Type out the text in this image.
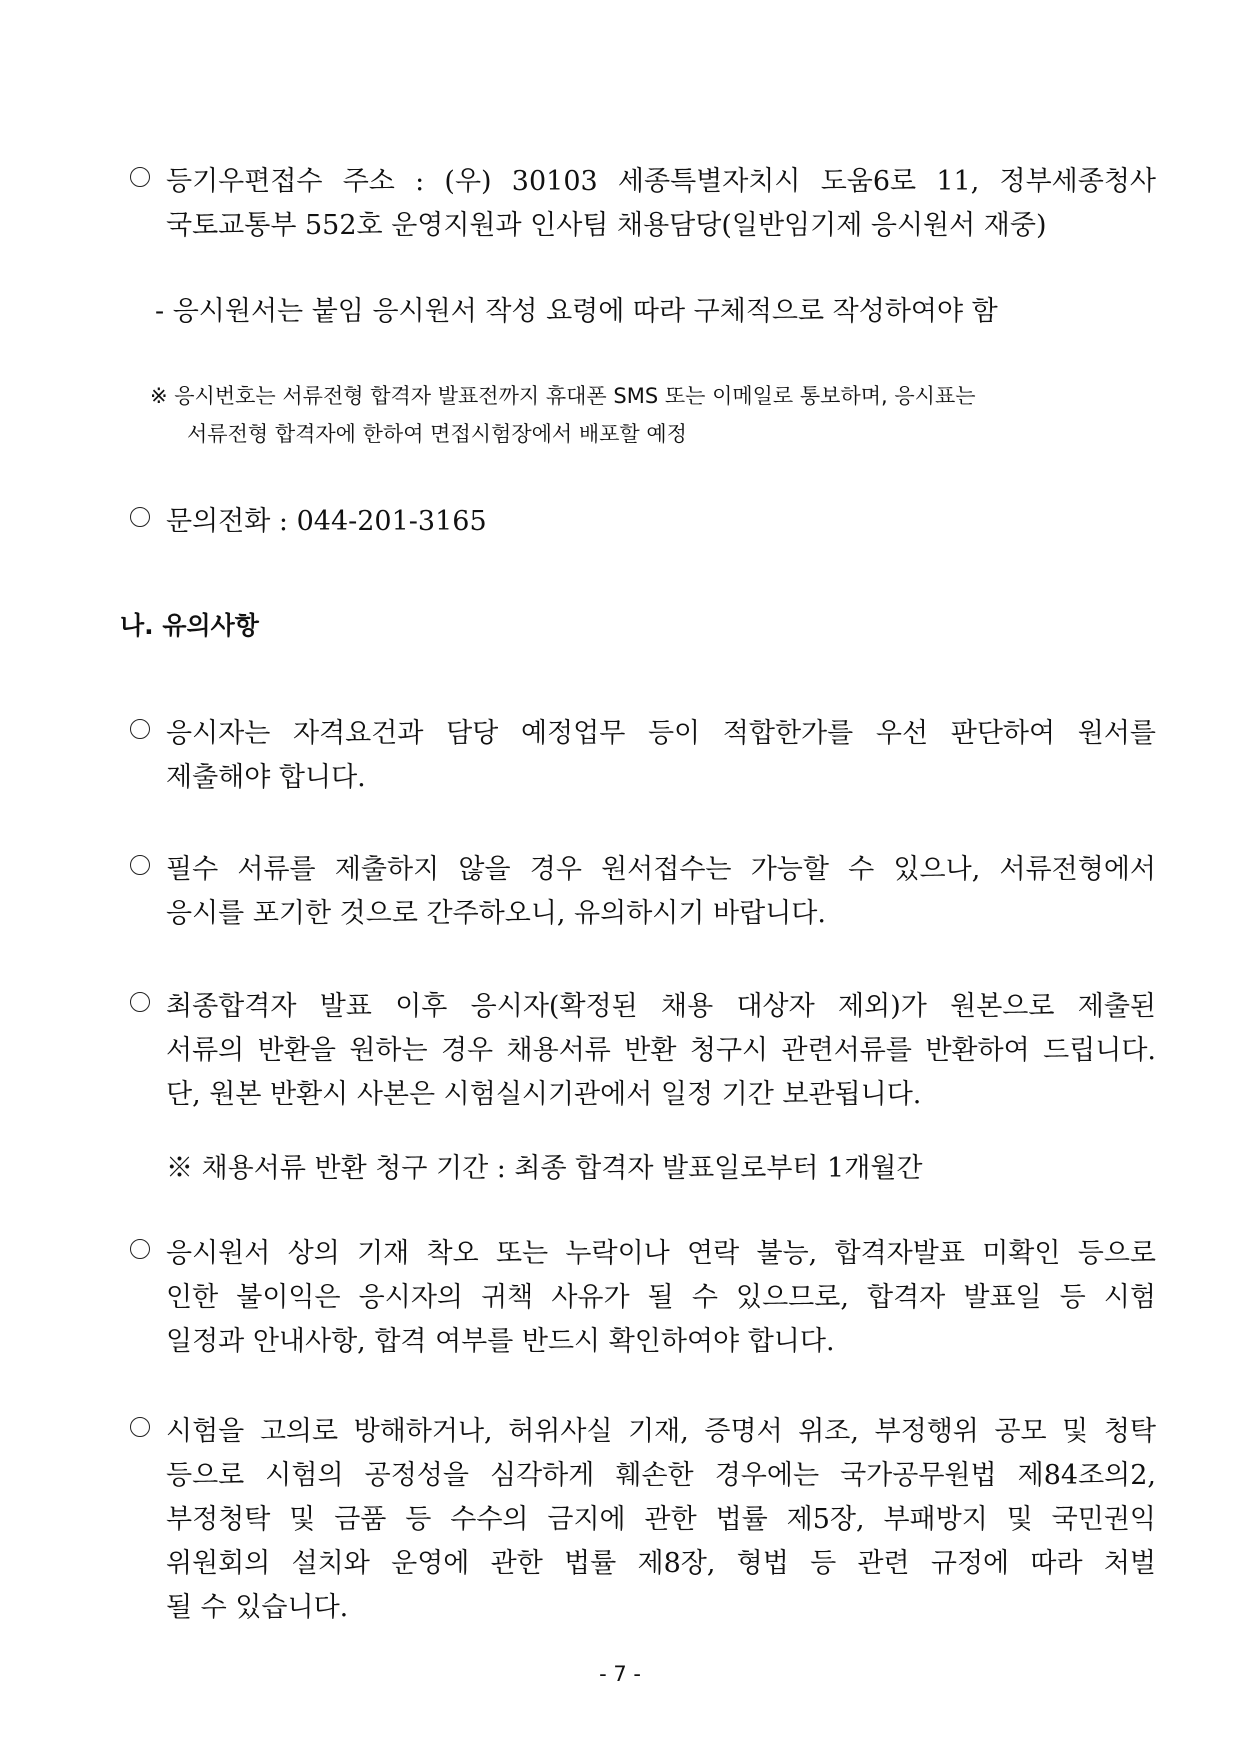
등기우편접수 주소 : (우) 30103 세종특별자치시 도움6로 11, 정부세종청사
국토교통부 552호 운영지원과 인사팀 채용담당(일반임기제 응시원서 재중)
- 응시원서는 붙임 응시원서 작성 요령에 따라 구체적으로 작성하여야 함
※ 응시번호는 서류전형 합격자 발표전까지 휴대폰 SMS 또는 이메일로 통보하며, 응시표는
서류전형 합격자에 한하여 면접시험장에서 배포할 예정
문의전화 : 044-201-3165
나. 유의사항
응시자는 자격요건과 담당 예정업무 등이 적합한가를 우선 판단하여 원서를
제출해야 합니다.
필수 서류를 제출하지 않을 경우 원서접수는 가능할 수 있으나, 서류전형에서
응시를 포기한 것으로 간주하오니, 유의하시기 바랍니다.
최종합격자 발표 이후 응시자(확정된 채용 대상자 제외)가 원본으로 제출된
서류의 반환을 원하는 경우 채용서류 반환 청구시 관련서류를 반환하여 드립니다.
단, 원본 반환시 사본은 시험실시기관에서 일정 기간 보관됩니다.
※ 채용서류 반환 청구 기간 : 최종 합격자 발표일로부터 1개월간
응시원서 상의 기재 착오 또는 누락이나 연락 불능, 합격자발표 미확인 등으로
인한 불이익은 응시자의 귀책 사유가 될 수 있으므로, 합격자 발표일 등 시험
일정과 안내사항, 합격 여부를 반드시 확인하여야 합니다.
시험을 고의로 방해하거나, 허위사실 기재, 증명서 위조, 부정행위 공모 및 청탁
등으로 시험의 공정성을 심각하게 훼손한 경우에는 국가공무원법 제84조의2,
부정청탁 및 금품 등 수수의 금지에 관한 법률 제5장, 부패방지 및 국민권익
위원회의 설치와 운영에 관한 법률 제8장, 형법 등 관련 규정에 따라 처벌
될 수 있습니다.
- 7 -
